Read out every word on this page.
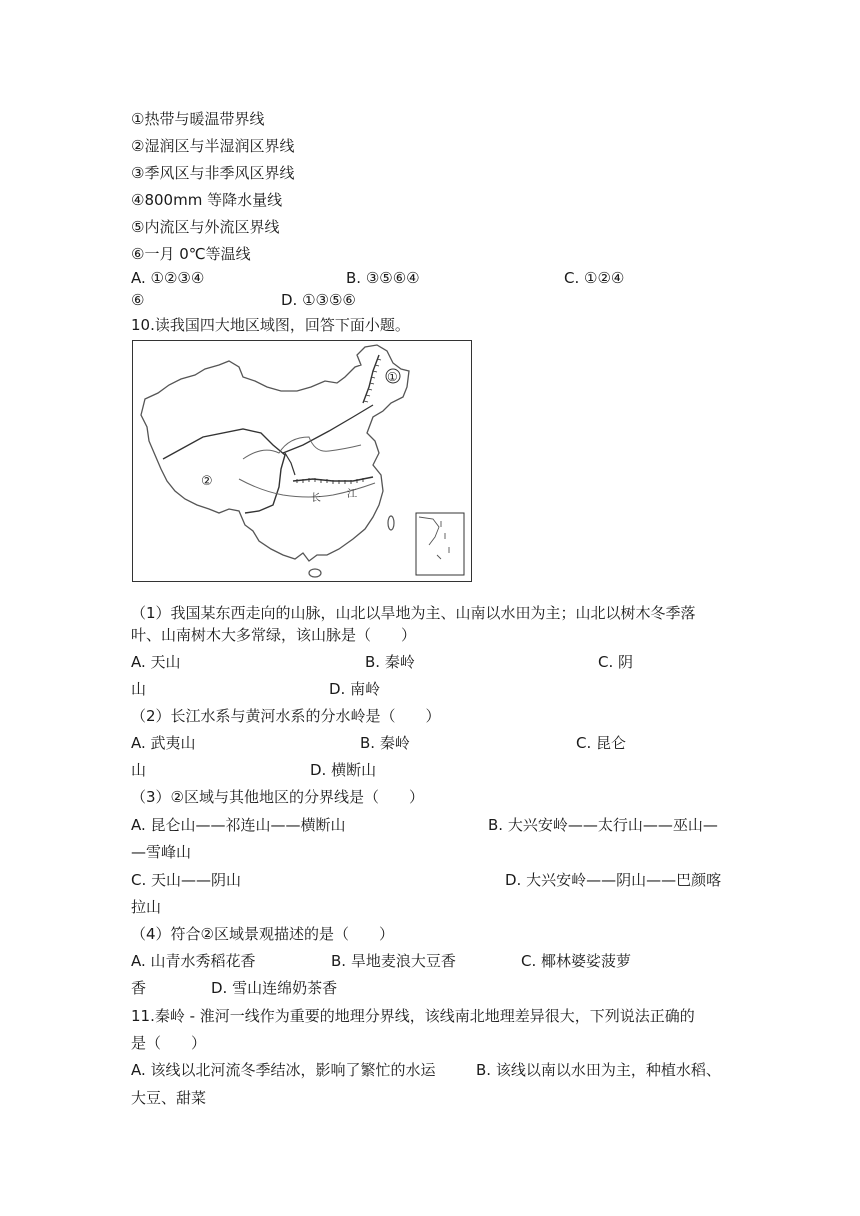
①热带与暖温带界线
②湿润区与半湿润区界线
③季风区与非季风区界线
④800mm 等降水量线
⑤内流区与外流区界线
⑥一月 0℃等温线
A. ①②③④	B. ③⑤⑥④	C. ①②④
⑥	D. ①③⑤⑥
10.读我国四大地区域图，回答下面小题。
①
②
长	江
（1）我国某东西走向的山脉，山北以旱地为主、山南以水田为主；山北以树木冬季落
叶、山南树木大多常绿，该山脉是（　　）
A. 天山	B. 秦岭	C. 阴
山	D. 南岭
（2）长江水系与黄河水系的分水岭是（　　）
A. 武夷山	B. 秦岭	C. 昆仑
山	D. 横断山
（3）②区域与其他地区的分界线是（　　）
A. 昆仑山——祁连山——横断山	B. 大兴安岭——太行山——巫山—
—雪峰山
C. 天山——阴山	D. 大兴安岭——阴山——巴颜喀
拉山
（4）符合②区域景观描述的是（　　）
A. 山青水秀稻花香	B. 旱地麦浪大豆香	C. 椰林婆娑菠萝
香	D. 雪山连绵奶茶香
11.秦岭 - 淮河一线作为重要的地理分界线，该线南北地理差异很大，下列说法正确的
是（　　）
A. 该线以北河流冬季结冰，影响了繁忙的水运	B. 该线以南以水田为主，种植水稻、
大豆、甜菜
